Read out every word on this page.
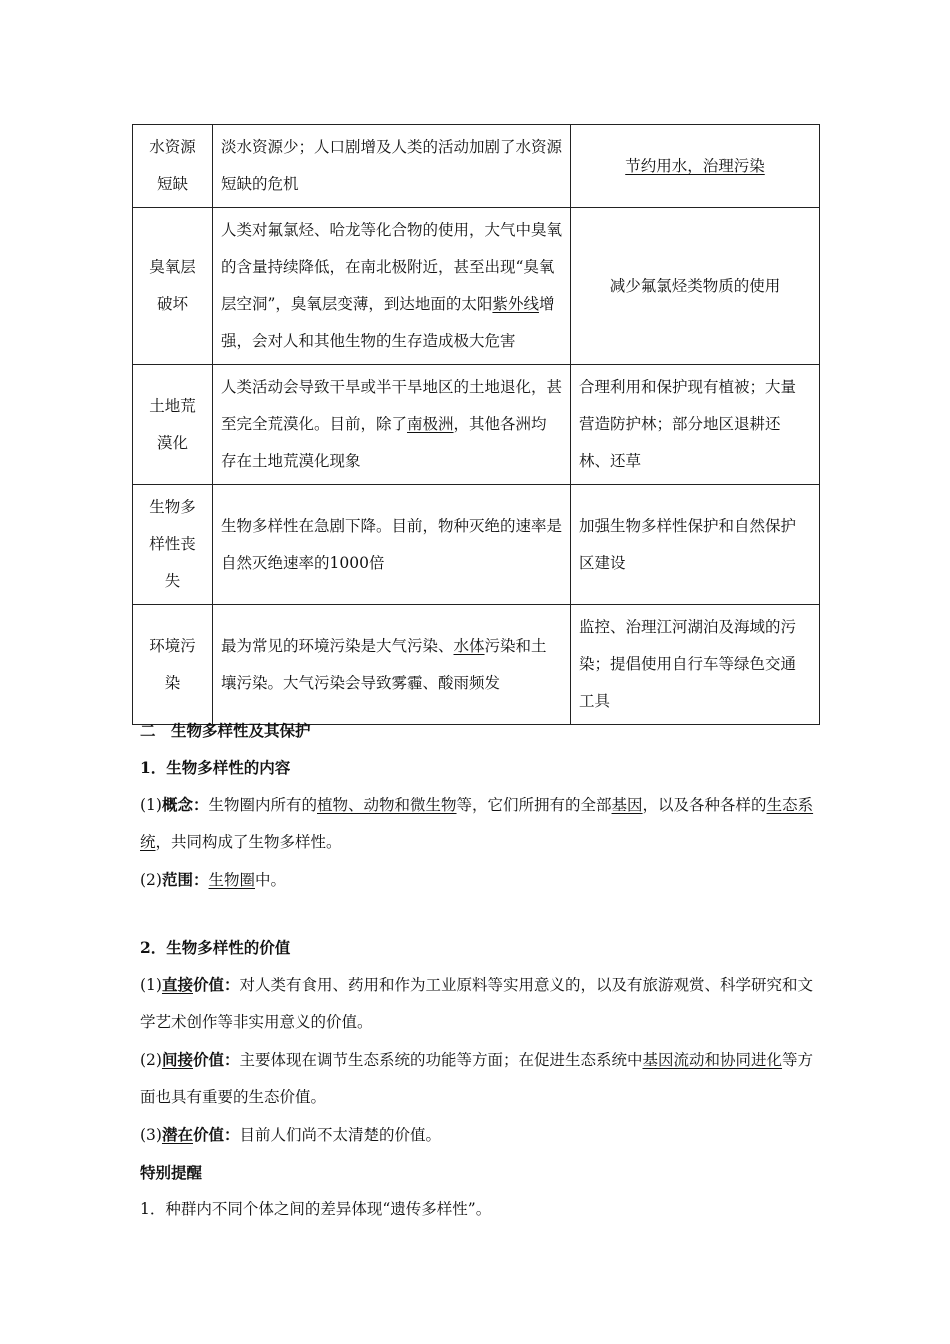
水资源
短缺	淡水资源少；人口剧增及人类的活动加剧了水资源短缺的危机	节约用水，治理污染

臭氧层
破坏	人类对氟氯烃、哈龙等化合物的使用，大气中臭氧的含量持续降低，在南北极附近，甚至出现“臭氧层空洞”，臭氧层变薄，到达地面的太阳紫外线增强，会对人和其他生物的生存造成极大危害	减少氟氯烃类物质的使用

土地荒
漠化	人类活动会导致干旱或半干旱地区的土地退化，甚至完全荒漠化。目前，除了南极洲，其他各洲均存在土地荒漠化现象	合理利用和保护现有植被；大量营造防护林；部分地区退耕还林、还草

生物多
样性丧
失	生物多样性在急剧下降。目前，物种灭绝的速率是自然灭绝速率的1000倍	加强生物多样性保护和自然保护区建设

环境污
染	最为常见的环境污染是大气污染、水体污染和土壤污染。大气污染会导致雾霾、酸雨频发	监控、治理江河湖泊及海域的污染；提倡使用自行车等绿色交通工具

二　生物多样性及其保护

1．生物多样性的内容

(1)概念：生物圈内所有的植物、动物和微生物等，它们所拥有的全部基因，以及各种各样的生态系统，共同构成了生物多样性。

(2)范围：生物圈中。

2．生物多样性的价值

(1)直接价值：对人类有食用、药用和作为工业原料等实用意义的，以及有旅游观赏、科学研究和文学艺术创作等非实用意义的价值。

(2)间接价值：主要体现在调节生态系统的功能等方面；在促进生态系统中基因流动和协同进化等方面也具有重要的生态价值。

(3)潜在价值：目前人们尚不太清楚的价值。

特别提醒

1．种群内不同个体之间的差异体现“遗传多样性”。
